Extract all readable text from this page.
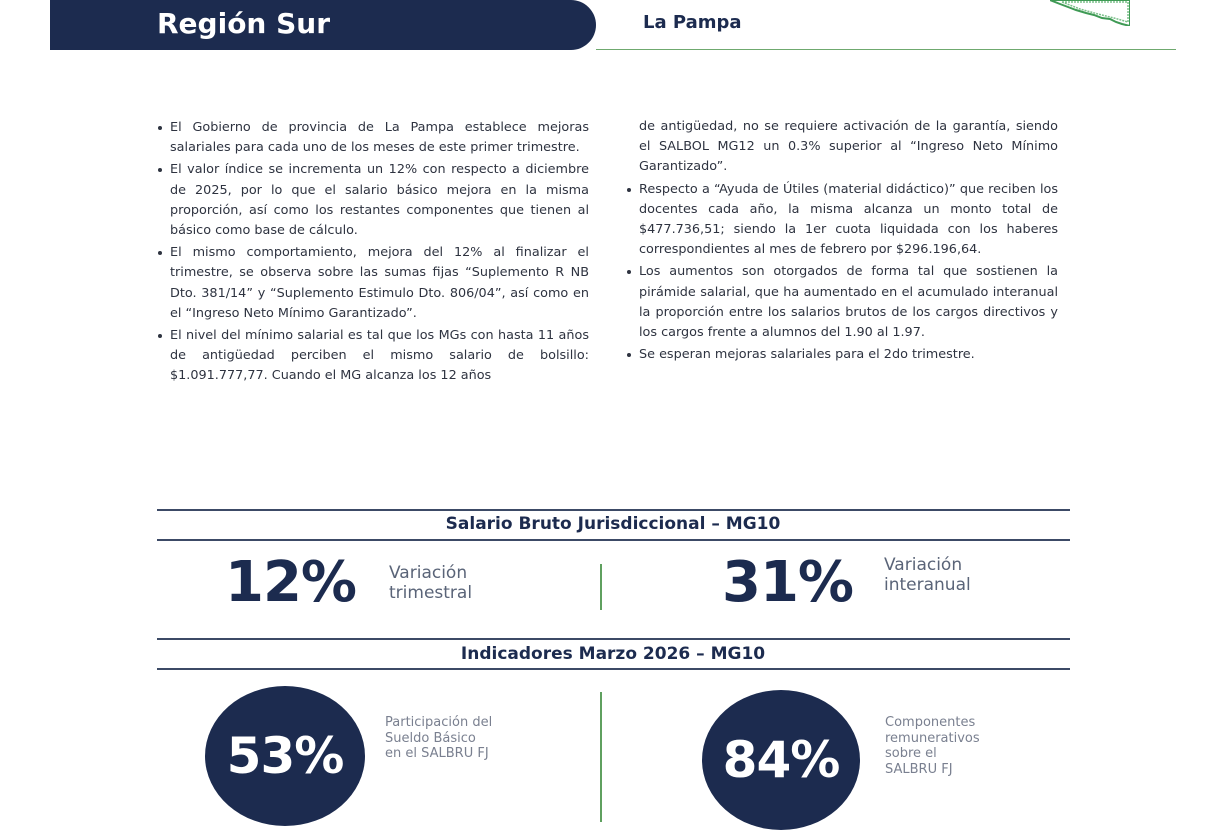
Región Sur	La Pampa
El Gobierno de provincia de La Pampa establece mejoras salariales para cada uno de los meses de este primer trimestre.
El valor índice se incrementa un 12% con respecto a diciembre de 2025, por lo que el salario básico mejora en la misma proporción, así como los restantes componentes que tienen al básico como base de cálculo.
El mismo comportamiento, mejora del 12% al finalizar el trimestre, se observa sobre las sumas fijas “Suplemento R NB Dto. 381/14” y “Suplemento Estimulo Dto. 806/04”, así como en el “Ingreso Neto Mínimo Garantizado”.
El nivel del mínimo salarial es tal que los MGs con hasta 11 años de antigüedad perciben el mismo salario de bolsillo: $1.091.777,77. Cuando el MG alcanza los 12 años

de antigüedad, no se requiere activación de la garantía, siendo el SALBOL MG12 un 0.3% superior al “Ingreso Neto Mínimo Garantizado”.

Respecto a “Ayuda de Útiles (material didáctico)” que reciben los docentes cada año, la misma alcanza un monto total de $477.736,51; siendo la 1er cuota liquidada con los haberes correspondientes al mes de febrero por $296.196,64.
Los aumentos son otorgados de forma tal que sostienen la pirámide salarial, que ha aumentado en el acumulado interanual la proporción entre los salarios brutos de los cargos directivos y los cargos frente a alumnos del 1.90 al 1.97.
Se esperan mejoras salariales para el 2do trimestre.
Salario Bruto Jurisdiccional – MG10
12% Variación
trimestral	31% Variación
interanual
Indicadores Marzo 2026 – MG10
53%
Participación del
Sueldo Básico
en el SALBRU FJ	84%
Componentes
remunerativos
sobre el
SALBRU FJ
